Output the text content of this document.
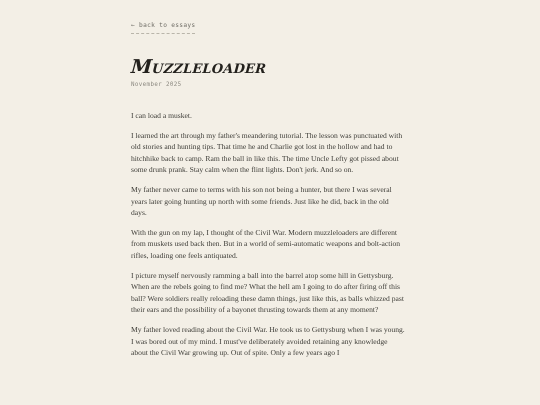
← back to essays
Muzzleloader
November 2025

I can load a musket.

I learned the art through my father's meandering tutorial. The lesson was punctuated with old stories and hunting tips. That time he and Charlie got lost in the hollow and had to hitchhike back to camp. Ram the ball in like this. The time Uncle Lefty got pissed about some drunk prank. Stay calm when the flint lights. Don't jerk. And so on.

My father never came to terms with his son not being a hunter, but there I was several years later going hunting up north with some friends. Just like he did, back in the old days.

With the gun on my lap, I thought of the Civil War. Modern muzzleloaders are different from muskets used back then. But in a world of semi-automatic weapons and bolt-action rifles, loading one feels antiquated.

I picture myself nervously ramming a ball into the barrel atop some hill in Gettysburg. When are the rebels going to find me? What the hell am I going to do after firing off this ball? Were soldiers really reloading these damn things, just like this, as balls whizzed past their ears and the possibility of a bayonet thrusting towards them at any moment?

My father loved reading about the Civil War. He took us to Gettysburg when I was young. I was bored out of my mind. I must've deliberately avoided retaining any knowledge about the Civil War growing up. Out of spite. Only a few years ago I
